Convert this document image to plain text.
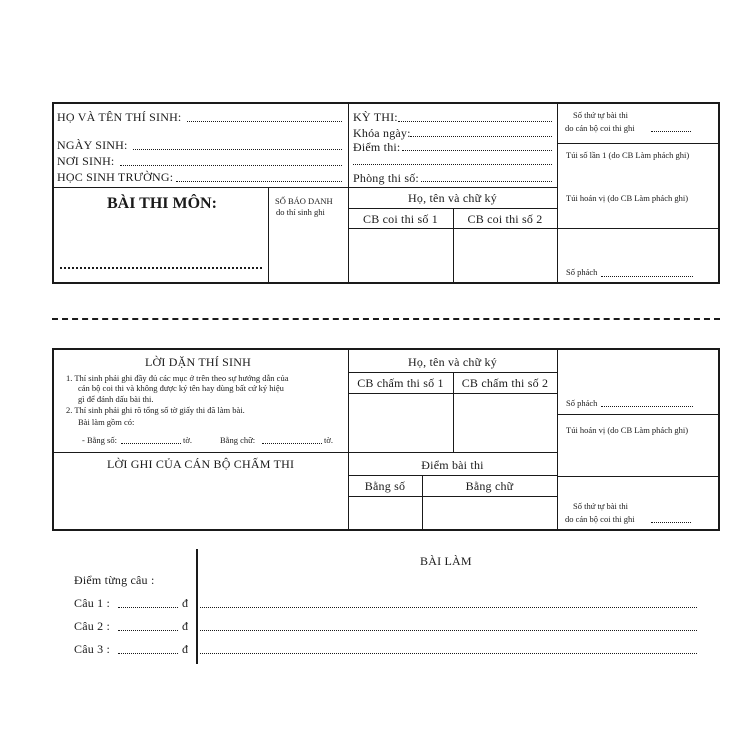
HỌ VÀ TÊN THÍ SINH:
NGÀY SINH:
NƠI SINH:
HỌC SINH TRƯỜNG:
KỲ THI:
Khóa ngày:
Điểm thi:
Phòng thi số:
Số thứ tự bài thi
do cán bộ coi thi ghi
Túi số lần 1 (do CB Làm phách ghi)
Túi hoán vị (do CB Làm phách ghi)
Số phách
BÀI THI MÔN:	SỐ BÁO DANH
do thí sinh ghi
Họ, tên và chữ ký
CB coi thi số 1	CB coi thi số 2
LỜI DẶN THÍ SINH
1. Thí sinh phải ghi đầy đủ các mục ở trên theo sự hướng dẫn của
cán bộ coi thi và không được ký tên hay dùng bất cứ ký hiệu
gì để đánh dấu bài thi.
2. Thí sinh phải ghi rõ tổng số tờ giấy thi đã làm bài.
Bài làm gồm có:
- Bằng số:	tờ.	Bằng chữ:	tờ.
Họ, tên và chữ ký
CB chấm thi số 1	CB chấm thi số 2
Số phách
Túi hoán vị (do CB Làm phách ghi)
Số thứ tự bài thi
do cán bộ coi thi ghi
LỜI GHI CỦA CÁN BỘ CHẤM THI	Điểm bài thi
Bằng số	Bằng chữ
BÀI LÀM
Điểm từng câu :
Câu 1 :	đ
Câu 2 :	đ
Câu 3 :	đ
